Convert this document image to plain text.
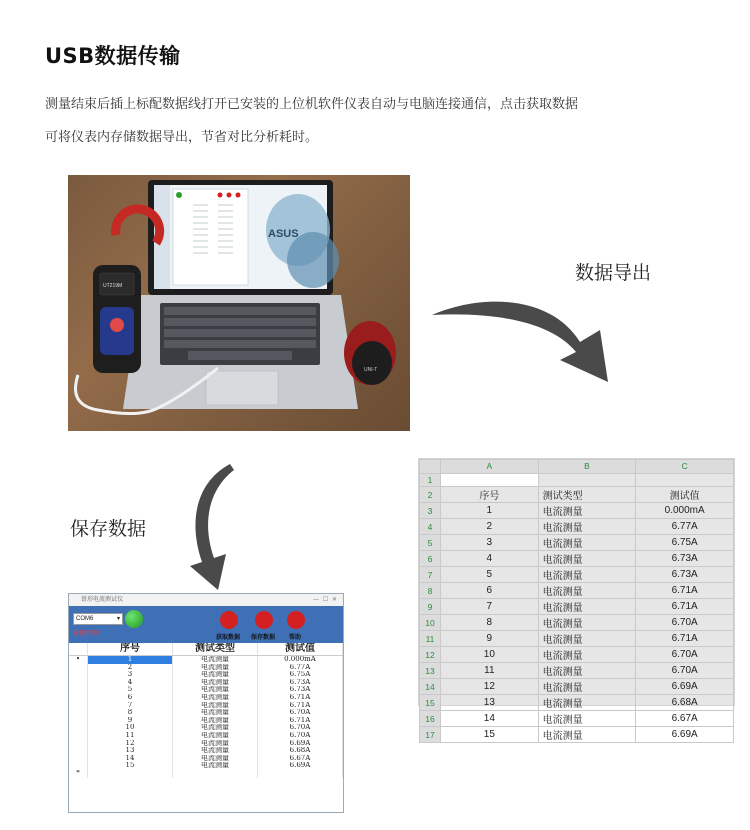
USB数据传输
测量结束后插上标配数据线打开已安装的上位机软件仪表自动与电脑连接通信，点击获取数据
可将仪表内存储数据导出，节省对比分析耗时。
ASUS
UT219M
UNI-T
数据导出
	A	B	C
1			
2	序号	测试类型	测试值
3	1	电流测量	0.000mA
4	2	电流测量	6.77A
5	3	电流测量	6.75A
6	4	电流测量	6.73A
7	5	电流测量	6.73A
8	6	电流测量	6.71A
9	7	电流测量	6.71A
10	8	电流测量	6.70A
11	9	电流测量	6.71A
12	10	电流测量	6.70A
13	11	电流测量	6.70A
14	12	电流测量	6.69A
15	13	电流测量	6.68A
16	14	电流测量	6.67A
17	15	电流测量	6.69A
保存数据
钳形电流测试仪	—  ☐  ✕
COM6	▾
连接成功！	获取数据 保存数据 帮助
	序号	测试类型	测试值
•	1	电流测量	0.000mA
	2	电流测量	6.77A
	3	电流测量	6.75A
	4	电流测量	6.73A
	5	电流测量	6.73A
	6	电流测量	6.71A
	7	电流测量	6.71A
	8	电流测量	6.70A
	9	电流测量	6.71A
	10	电流测量	6.70A
	11	电流测量	6.70A
	12	电流测量	6.69A
	13	电流测量	6.68A
	14	电流测量	6.67A
	15	电流测量	6.69A
*			
